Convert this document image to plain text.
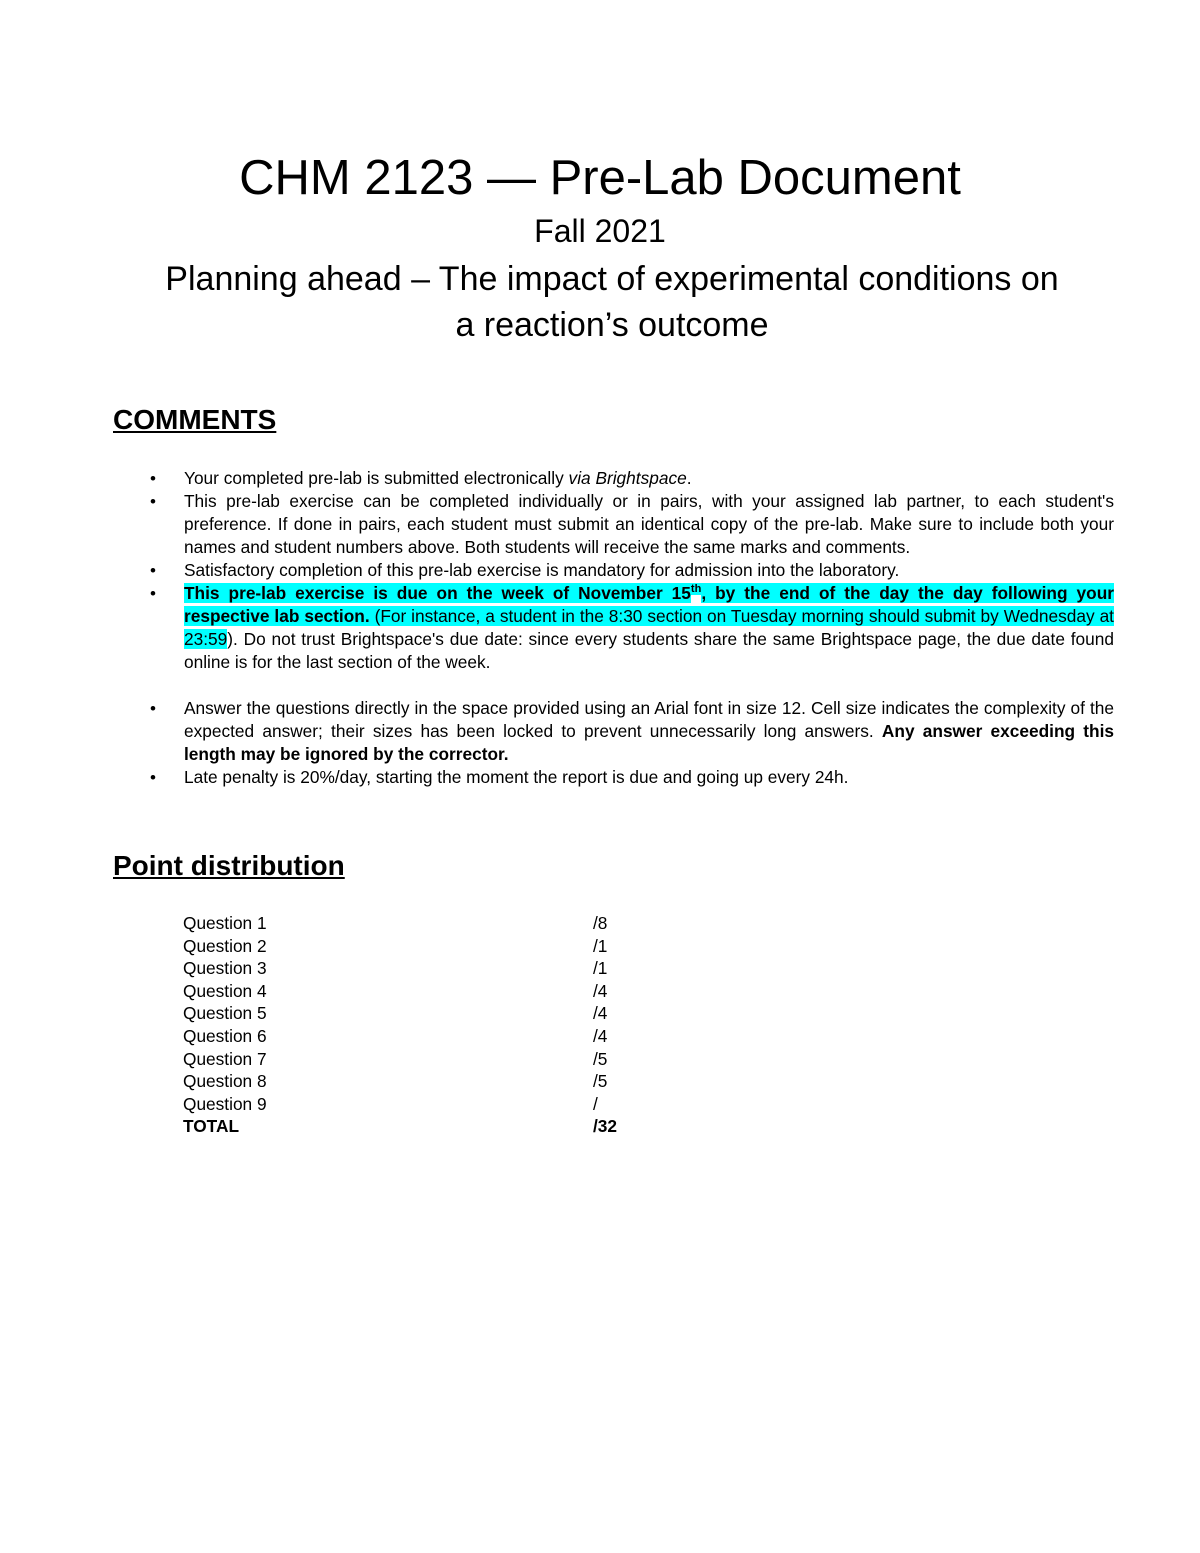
CHM 2123 — Pre-Lab Document
Fall 2021
Planning ahead – The impact of experimental conditions on
a reaction’s outcome
COMMENTS
• Your completed pre-lab is submitted electronically via Brightspace.
• This pre-lab exercise can be completed individually or in pairs, with your assigned lab partner, to each student's preference. If done in pairs, each student must submit an identical copy of the pre-lab. Make sure to include both your names and student numbers above. Both students will receive the same marks and comments.
• Satisfactory completion of this pre-lab exercise is mandatory for admission into the laboratory.
• This pre-lab exercise is due on the week of November 15th, by the end of the day the day following your respective lab section. (For instance, a student in the 8:30 section on Tuesday morning should submit by Wednesday at 23:59). Do not trust Brightspace's due date: since every students share the same Brightspace page, the due date found online is for the last section of the week.
• Answer the questions directly in the space provided using an Arial font in size 12. Cell size indicates the complexity of the expected answer; their sizes has been locked to prevent unnecessarily long answers. Any answer exceeding this length may be ignored by the corrector.
• Late penalty is 20%/day, starting the moment the report is due and going up every 24h.
Point distribution
Question 1	/8
Question 2	/1
Question 3	/1
Question 4	/4
Question 5	/4
Question 6	/4
Question 7	/5
Question 8	/5
Question 9	/
TOTAL	/32
